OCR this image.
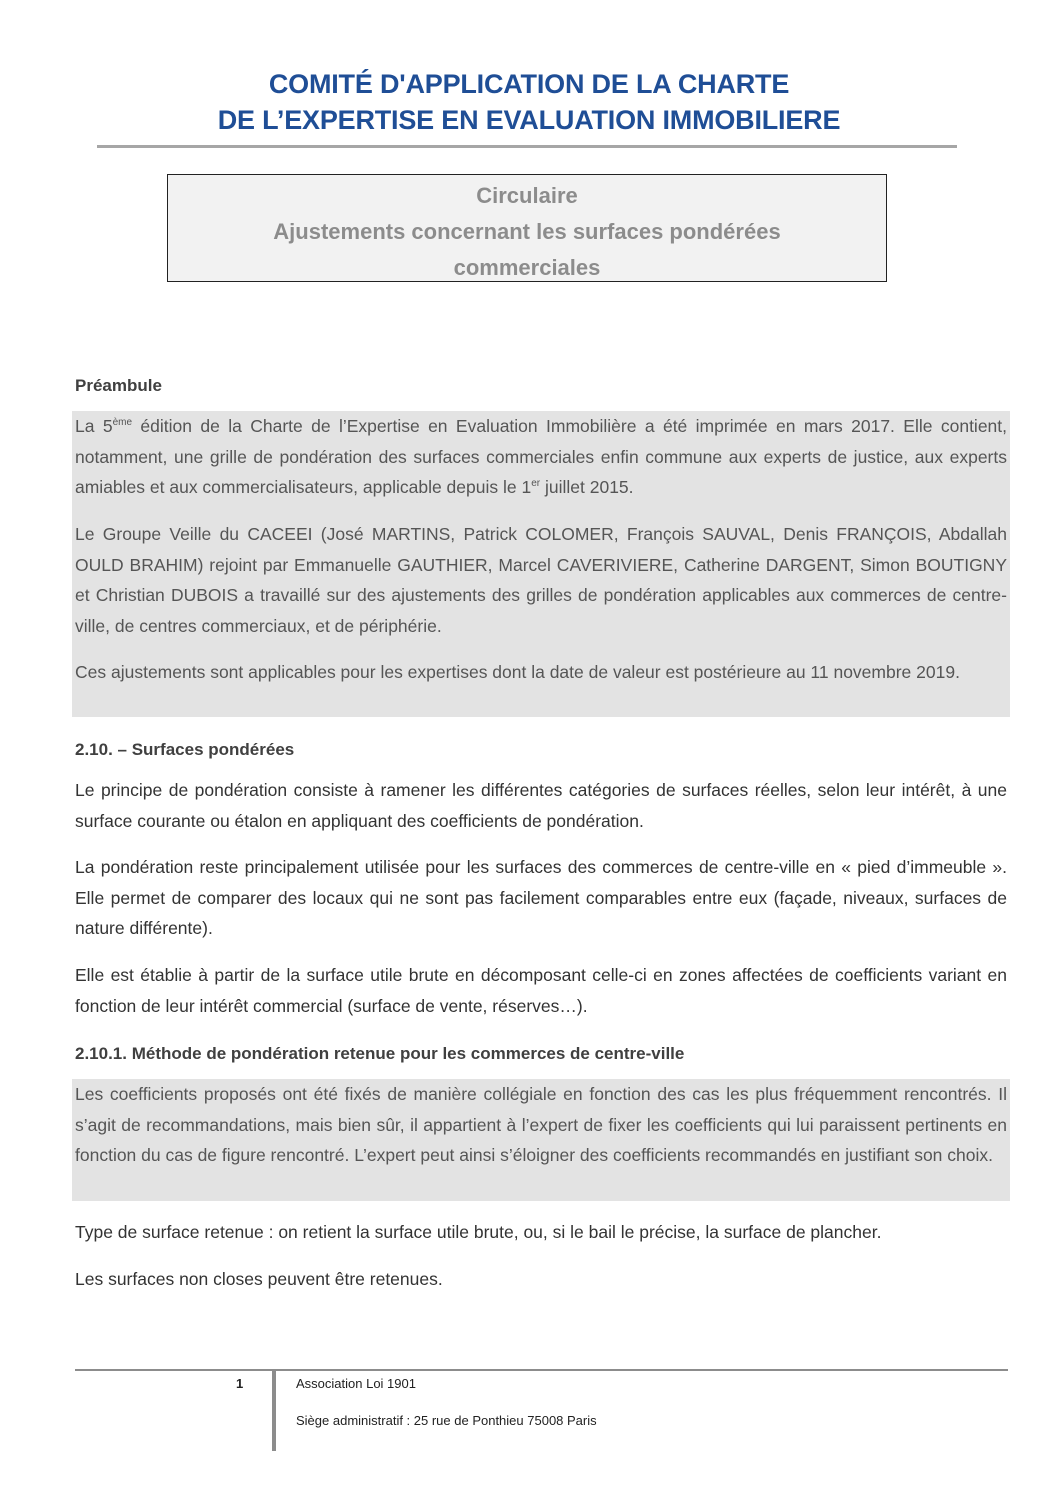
COMITÉ D'APPLICATION DE LA CHARTE
DE L’EXPERTISE EN EVALUATION IMMOBILIERE
Circulaire
Ajustements concernant les surfaces pondérées
commerciales
Préambule

La 5ème édition de la Charte de l’Expertise en Evaluation Immobilière a été imprimée en mars 2017. Elle contient, notamment, une grille de pondération des surfaces commerciales enfin commune aux experts de justice, aux experts amiables et aux commercialisateurs, applicable depuis le 1er juillet 2015.

Le Groupe Veille du CACEEI (José MARTINS, Patrick COLOMER, François SAUVAL, Denis FRANÇOIS, Abdallah OULD BRAHIM) rejoint par Emmanuelle GAUTHIER, Marcel CAVERIVIERE, Catherine DARGENT, Simon BOUTIGNY et Christian DUBOIS a travaillé sur des ajustements des grilles de pondération applicables aux commerces de centre-ville, de centres commerciaux, et de périphérie.

Ces ajustements sont applicables pour les expertises dont la date de valeur est postérieure au 11 novembre 2019.

2.10. – Surfaces pondérées

Le principe de pondération consiste à ramener les différentes catégories de surfaces réelles, selon leur intérêt, à une surface courante ou étalon en appliquant des coefficients de pondération.

La pondération reste principalement utilisée pour les surfaces des commerces de centre-ville en « pied d’immeuble ». Elle permet de comparer des locaux qui ne sont pas facilement comparables entre eux (façade, niveaux, surfaces de nature différente).

Elle est établie à partir de la surface utile brute en décomposant celle-ci en zones affectées de coefficients variant en fonction de leur intérêt commercial (surface de vente, réserves…).

2.10.1. Méthode de pondération retenue pour les commerces de centre-ville

Les coefficients proposés ont été fixés de manière collégiale en fonction des cas les plus fréquemment rencontrés. Il s’agit de recommandations, mais bien sûr, il appartient à l’expert de fixer les coefficients qui lui paraissent pertinents en fonction du cas de figure rencontré. L’expert peut ainsi s’éloigner des coefficients recommandés en justifiant son choix.

Type de surface retenue : on retient la surface utile brute, ou, si le bail le précise, la surface de plancher.

Les surfaces non closes peuvent être retenues.

1	Association Loi 1901
Siège administratif : 25 rue de Ponthieu 75008 Paris
